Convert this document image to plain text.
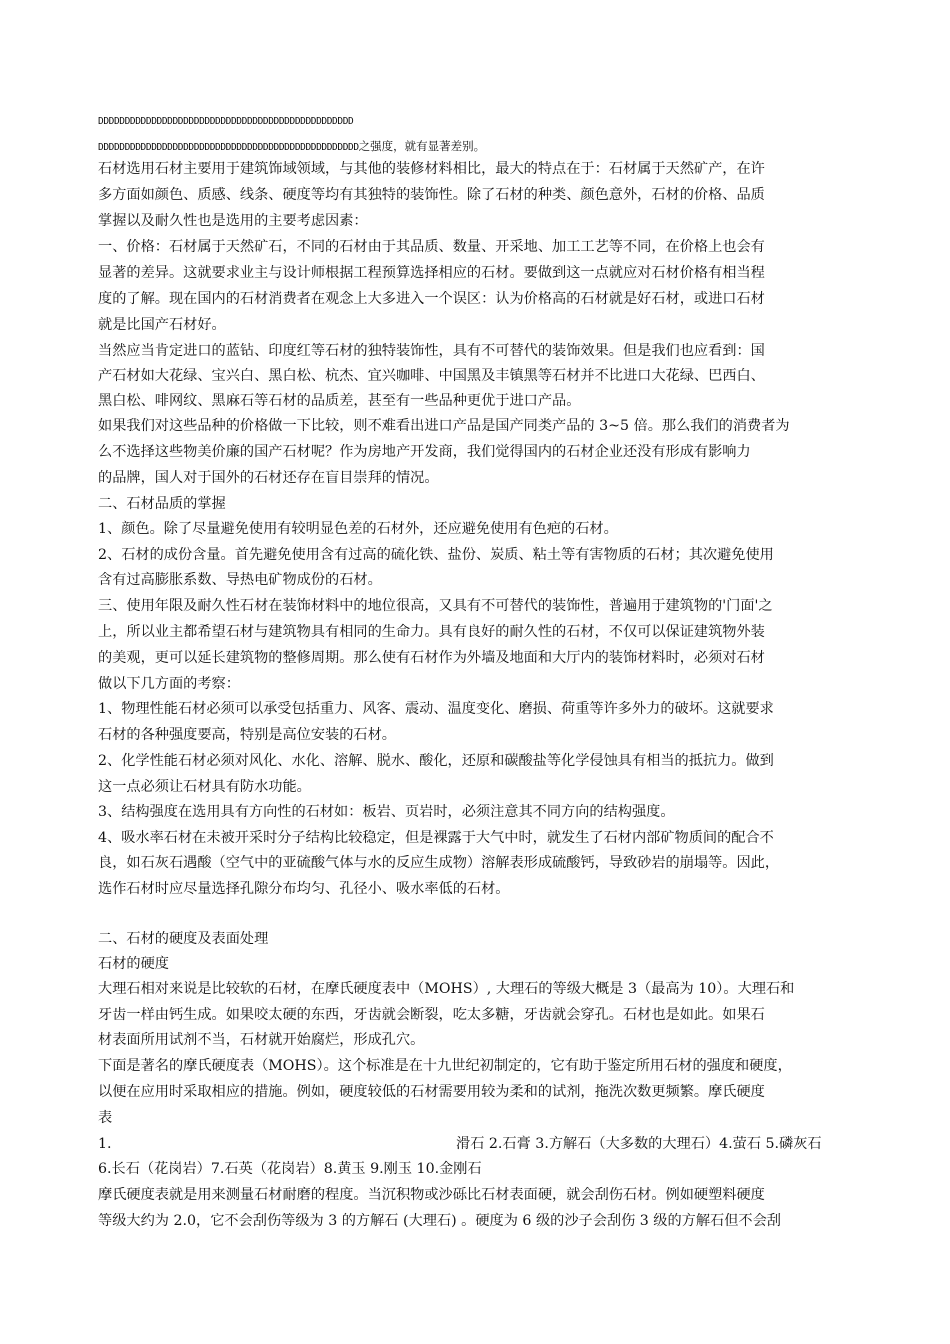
DDDDDDDDDDDDDDDDDDDDDDDDDDDDDDDDDDDDDDDDDDDDDDDD
DDDDDDDDDDDDDDDDDDDDDDDDDDDDDDDDDDDDDDDDDDDDDDDDD之强度，就有显著差别。
石材选用石材主要用于建筑饰域领域，与其他的装修材料相比，最大的特点在于：石材属于天然矿产，在许
多方面如颜色、质感、线条、硬度等均有其独特的装饰性。除了石材的种类、颜色意外，石材的价格、品质
掌握以及耐久性也是选用的主要考虑因素：
一、价格：石材属于天然矿石，不同的石材由于其品质、数量、开采地、加工工艺等不同，在价格上也会有
显著的差异。这就要求业主与设计师根据工程预算选择相应的石材。要做到这一点就应对石材价格有相当程
度的了解。现在国内的石材消费者在观念上大多进入一个误区：认为价格高的石材就是好石材，或进口石材
就是比国产石材好。
当然应当肯定进口的蓝钻、印度红等石材的独特装饰性，具有不可替代的装饰效果。但是我们也应看到：国
产石材如大花绿、宝兴白、黑白松、杭杰、宜兴咖啡、中国黑及丰镇黑等石材并不比进口大花绿、巴西白、
黑白松、啡网纹、黑麻石等石材的品质差，甚至有一些品种更优于进口产品。
如果我们对这些品种的价格做一下比较，则不难看出进口产品是国产同类产品的 3~5 倍。那么我们的消费者为
么不选择这些物美价廉的国产石材呢？作为房地产开发商，我们觉得国内的石材企业还没有形成有影响力
的品牌，国人对于国外的石材还存在盲目崇拜的情况。
二、石材品质的掌握
1、颜色。除了尽量避免使用有较明显色差的石材外，还应避免使用有色疤的石材。
2、石材的成份含量。首先避免使用含有过高的硫化铁、盐份、炭质、粘土等有害物质的石材；其次避免使用
含有过高膨胀系数、导热电矿物成份的石材。
三、使用年限及耐久性石材在装饰材料中的地位很高，又具有不可替代的装饰性，普遍用于建筑物的'门面'之
上，所以业主都希望石材与建筑物具有相同的生命力。具有良好的耐久性的石材，不仅可以保证建筑物外装
的美观，更可以延长建筑物的整修周期。那么使有石材作为外墙及地面和大厅内的装饰材料时，必须对石材
做以下几方面的考察：
1、物理性能石材必须可以承受包括重力、风客、震动、温度变化、磨损、荷重等许多外力的破坏。这就要求
石材的各种强度要高，特别是高位安装的石材。
2、化学性能石材必须对风化、水化、溶解、脱水、酸化，还原和碳酸盐等化学侵蚀具有相当的抵抗力。做到
这一点必须让石材具有防水功能。
3、结构强度在选用具有方向性的石材如：板岩、页岩时，必须注意其不同方向的结构强度。
4、吸水率石材在未被开采时分子结构比较稳定，但是裸露于大气中时，就发生了石材内部矿物质间的配合不
良，如石灰石遇酸（空气中的亚硫酸气体与水的反应生成物）溶解表形成硫酸钙，导致砂岩的崩塌等。因此，
选作石材时应尽量选择孔隙分布均匀、孔径小、吸水率低的石材。
二、石材的硬度及表面处理
石材的硬度
大理石相对来说是比较软的石材，在摩氏硬度表中（MOHS）, 大理石的等级大概是 3（最高为 10）。大理石和
牙齿一样由钙生成。如果咬太硬的东西，牙齿就会断裂，吃太多糖，牙齿就会穿孔。石材也是如此。如果石
材表面所用试剂不当，石材就开始腐烂，形成孔穴。
下面是著名的摩氏硬度表（MOHS）。这个标准是在十九世纪初制定的，它有助于鉴定所用石材的强度和硬度，
以便在应用时采取相应的措施。例如，硬度较低的石材需要用较为柔和的试剂，拖洗次数更频繁。摩氏硬度
表
1.	滑石 2.石膏 3.方解石（大多数的大理石）4.萤石 5.磷灰石
6.长石（花岗岩）7.石英（花岗岩）8.黄玉 9.刚玉 10.金刚石
摩氏硬度表就是用来测量石材耐磨的程度。当沉积物或沙砾比石材表面硬，就会刮伤石材。例如硬塑料硬度
等级大约为 2.0，它不会刮伤等级为 3 的方解石 (大理石) 。硬度为 6 级的沙子会刮伤 3 级的方解石但不会刮
